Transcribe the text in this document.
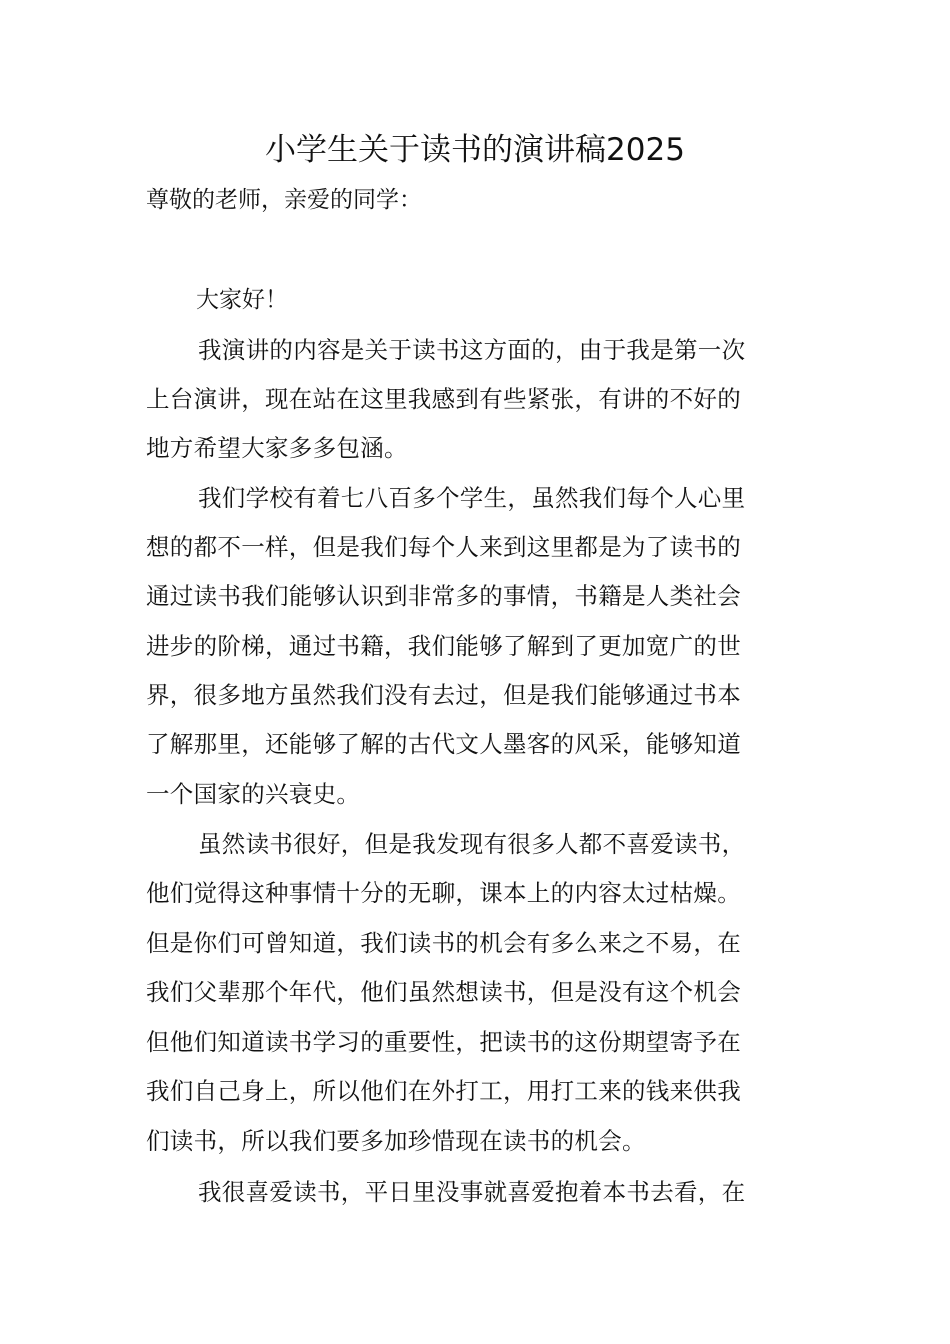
小学生关于读书的演讲稿2025
尊敬的老师，亲爱的同学：
大家好！
我演讲的内容是关于读书这方面的，由于我是第一次
上台演讲，现在站在这里我感到有些紧张，有讲的不好的
地方希望大家多多包涵。
我们学校有着七八百多个学生，虽然我们每个人心里
想的都不一样，但是我们每个人来到这里都是为了读书的
通过读书我们能够认识到非常多的事情，书籍是人类社会
进步的阶梯，通过书籍，我们能够了解到了更加宽广的世
界，很多地方虽然我们没有去过，但是我们能够通过书本
了解那里，还能够了解的古代文人墨客的风采，能够知道
一个国家的兴衰史。
虽然读书很好，但是我发现有很多人都不喜爱读书，
他们觉得这种事情十分的无聊，课本上的内容太过枯燥。
但是你们可曾知道，我们读书的机会有多么来之不易，在
我们父辈那个年代，他们虽然想读书，但是没有这个机会
但他们知道读书学习的重要性，把读书的这份期望寄予在
我们自己身上，所以他们在外打工，用打工来的钱来供我
们读书，所以我们要多加珍惜现在读书的机会。
我很喜爱读书，平日里没事就喜爱抱着本书去看，在
